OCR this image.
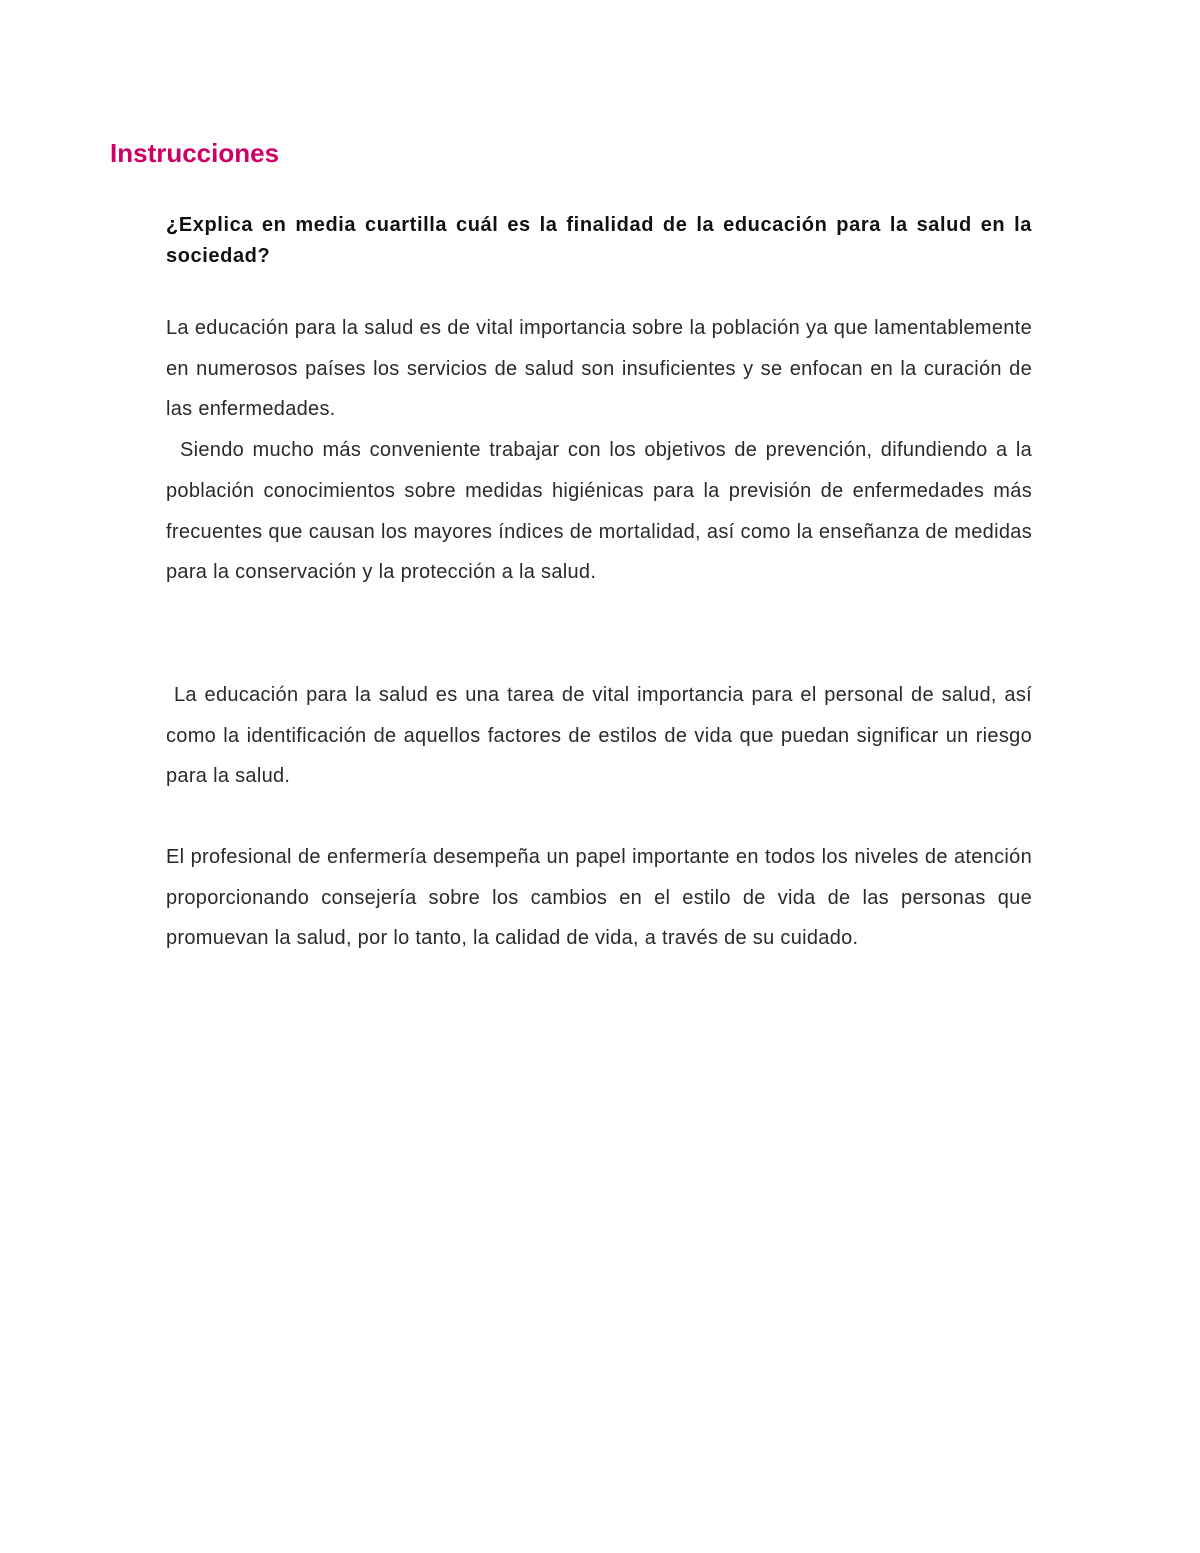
Instrucciones

¿Explica en media cuartilla cuál es la finalidad de la educación para la salud en la sociedad?

La educación para la salud es de vital importancia sobre la población ya que lamentablemente en numerosos países los servicios de salud son insuficientes y se enfocan en la curación de las enfermedades.

Siendo mucho más conveniente trabajar con los objetivos de prevención, difundiendo a la población conocimientos sobre medidas higiénicas para la previsión de enfermedades más frecuentes que causan los mayores índices de mortalidad, así como la enseñanza de medidas para la conservación y la protección a la salud.

La educación para la salud es una tarea de vital importancia para el personal de salud, así como la identificación de aquellos factores de estilos de vida que puedan significar un riesgo para la salud.

El profesional de enfermería desempeña un papel importante en todos los niveles de atención proporcionando consejería sobre los cambios en el estilo de vida de las personas que promuevan la salud, por lo tanto, la calidad de vida, a través de su cuidado.
